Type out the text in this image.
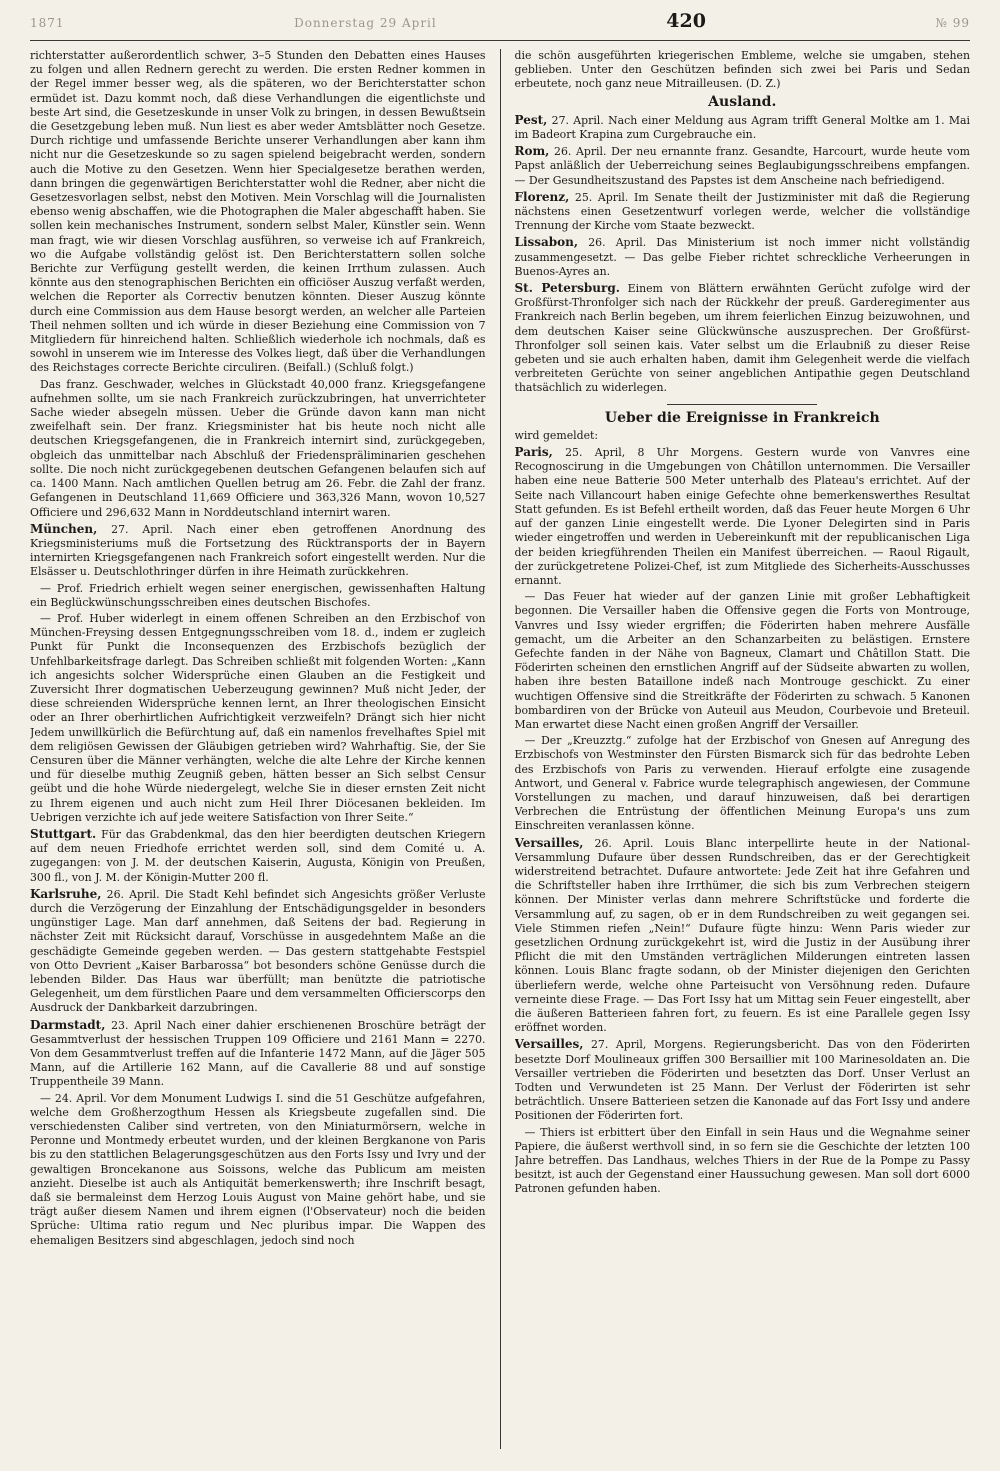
1871	Donnerstag 29 April	420	№ 99

richterstatter außerordentlich schwer, 3–5 Stunden den Debatten eines Hauses zu folgen und allen Rednern gerecht zu werden. Die ersten Redner kommen in der Regel immer besser weg, als die späteren, wo der Berichterstatter schon ermüdet ist. Dazu kommt noch, daß diese Verhandlungen die eigentlichste und beste Art sind, die Gesetzeskunde in unser Volk zu bringen, in dessen Bewußtsein die Gesetzgebung leben muß. Nun liest es aber weder Amtsblätter noch Gesetze. Durch richtige und umfassende Berichte unserer Verhandlungen aber kann ihm nicht nur die Gesetzeskunde so zu sagen spielend beigebracht werden, sondern auch die Motive zu den Gesetzen. Wenn hier Specialgesetze berathen werden, dann bringen die gegenwärtigen Berichterstatter wohl die Redner, aber nicht die Gesetzesvorlagen selbst, nebst den Motiven. Mein Vorschlag will die Journalisten ebenso wenig abschaffen, wie die Photographen die Maler abgeschafft haben. Sie sollen kein mechanisches Instrument, sondern selbst Maler, Künstler sein. Wenn man fragt, wie wir diesen Vorschlag ausführen, so verweise ich auf Frankreich, wo die Aufgabe vollständig gelöst ist. Den Berichterstattern sollen solche Berichte zur Verfügung gestellt werden, die keinen Irrthum zulassen. Auch könnte aus den stenographischen Berichten ein officiöser Auszug verfaßt werden, welchen die Reporter als Correctiv benutzen könnten. Dieser Auszug könnte durch eine Commission aus dem Hause besorgt werden, an welcher alle Parteien Theil nehmen sollten und ich würde in dieser Beziehung eine Commission von 7 Mitgliedern für hinreichend halten. Schließlich wiederhole ich nochmals, daß es sowohl in unserem wie im Interesse des Volkes liegt, daß über die Verhandlungen des Reichstages correcte Berichte circuliren. (Beifall.) (Schluß folgt.)

Das franz. Geschwader, welches in Glückstadt 40,000 franz. Kriegsgefangene aufnehmen sollte, um sie nach Frankreich zurückzubringen, hat unverrichteter Sache wieder absegeln müssen. Ueber die Gründe davon kann man nicht zweifelhaft sein. Der franz. Kriegsminister hat bis heute noch nicht alle deutschen Kriegsgefangenen, die in Frankreich internirt sind, zurückgegeben, obgleich das unmittelbar nach Abschluß der Friedenspräliminarien geschehen sollte. Die noch nicht zurückgegebenen deutschen Gefangenen belaufen sich auf ca. 1400 Mann. Nach amtlichen Quellen betrug am 26. Febr. die Zahl der franz. Gefangenen in Deutschland 11,669 Officiere und 363,326 Mann, wovon 10,527 Officiere und 296,632 Mann in Norddeutschland internirt waren.

München, 27. April. Nach einer eben getroffenen Anordnung des Kriegsministeriums muß die Fortsetzung des Rücktransports der in Bayern internirten Kriegsgefangenen nach Frankreich sofort eingestellt werden. Nur die Elsässer u. Deutschlothringer dürfen in ihre Heimath zurückkehren.

— Prof. Friedrich erhielt wegen seiner energischen, gewissenhaften Haltung ein Beglückwünschungsschreiben eines deutschen Bischofes.

— Prof. Huber widerlegt in einem offenen Schreiben an den Erzbischof von München-Freysing dessen Entgegnungsschreiben vom 18. d., indem er zugleich Punkt für Punkt die Inconsequenzen des Erzbischofs bezüglich der Unfehlbarkeitsfrage darlegt. Das Schreiben schließt mit folgenden Worten: „Kann ich angesichts solcher Widersprüche einen Glauben an die Festigkeit und Zuversicht Ihrer dogmatischen Ueberzeugung gewinnen? Muß nicht Jeder, der diese schreienden Widersprüche kennen lernt, an Ihrer theologischen Einsicht oder an Ihrer oberhirtlichen Aufrichtigkeit verzweifeln? Drängt sich hier nicht Jedem unwillkürlich die Befürchtung auf, daß ein namenlos frevelhaftes Spiel mit dem religiösen Gewissen der Gläubigen getrieben wird? Wahrhaftig. Sie, der Sie Censuren über die Männer verhängten, welche die alte Lehre der Kirche kennen und für dieselbe muthig Zeugniß geben, hätten besser an Sich selbst Censur geübt und die hohe Würde niedergelegt, welche Sie in dieser ernsten Zeit nicht zu Ihrem eigenen und auch nicht zum Heil Ihrer Diöcesanen bekleiden. Im Uebrigen verzichte ich auf jede weitere Satisfaction von Ihrer Seite.“

Stuttgart. Für das Grabdenkmal, das den hier beerdigten deutschen Kriegern auf dem neuen Friedhofe errichtet werden soll, sind dem Comité u. A. zugegangen: von J. M. der deutschen Kaiserin, Augusta, Königin von Preußen, 300 fl., von J. M. der Königin-Mutter 200 fl.

Karlsruhe, 26. April. Die Stadt Kehl befindet sich Angesichts größer Verluste durch die Verzögerung der Einzahlung der Entschädigungsgelder in besonders ungünstiger Lage. Man darf annehmen, daß Seitens der bad. Regierung in nächster Zeit mit Rücksicht darauf, Vorschüsse in ausgedehntem Maße an die geschädigte Gemeinde gegeben werden. — Das gestern stattgehabte Festspiel von Otto Devrient „Kaiser Barbarossa“ bot besonders schöne Genüsse durch die lebenden Bilder. Das Haus war überfüllt; man benützte die patriotische Gelegenheit, um dem fürstlichen Paare und dem versammelten Officierscorps den Ausdruck der Dankbarkeit darzubringen.

Darmstadt, 23. April Nach einer dahier erschienenen Broschüre beträgt der Gesammtverlust der hessischen Truppen 109 Officiere und 2161 Mann = 2270. Von dem Gesammtverlust treffen auf die Infanterie 1472 Mann, auf die Jäger 505 Mann, auf die Artillerie 162 Mann, auf die Cavallerie 88 und auf sonstige Truppentheile 39 Mann.

— 24. April. Vor dem Monument Ludwigs I. sind die 51 Geschütze aufgefahren, welche dem Großherzogthum Hessen als Kriegsbeute zugefallen sind. Die verschiedensten Caliber sind vertreten, von den Miniaturmörsern, welche in Peronne und Montmedy erbeutet wurden, und der kleinen Bergkanone von Paris bis zu den stattlichen Belagerungsgeschützen aus den Forts Issy und Ivry und der gewaltigen Broncekanone aus Soissons, welche das Publicum am meisten anzieht. Dieselbe ist auch als Antiquität bemerkenswerth; ihre Inschrift besagt, daß sie bermaleinst dem Herzog Louis August von Maine gehört habe, und sie trägt außer diesem Namen und ihrem eignen (l'Observateur) noch die beiden Sprüche: Ultima ratio regum und Nec pluribus impar. Die Wappen des ehemaligen Besitzers sind abgeschlagen, jedoch sind noch

die schön ausgeführten kriegerischen Embleme, welche sie umgaben, stehen geblieben. Unter den Geschützen befinden sich zwei bei Paris und Sedan erbeutete, noch ganz neue Mitrailleusen. (D. Z.)

Ausland.

Pest, 27. April. Nach einer Meldung aus Agram trifft General Moltke am 1. Mai im Badeort Krapina zum Curgebrauche ein.

Rom, 26. April. Der neu ernannte franz. Gesandte, Harcourt, wurde heute vom Papst anläßlich der Ueberreichung seines Beglaubigungsschreibens empfangen. — Der Gesundheitszustand des Papstes ist dem Anscheine nach befriedigend.

Florenz, 25. April. Im Senate theilt der Justizminister mit daß die Regierung nächstens einen Gesetzentwurf vorlegen werde, welcher die vollständige Trennung der Kirche vom Staate bezweckt.

Lissabon, 26. April. Das Ministerium ist noch immer nicht vollständig zusammengesetzt. — Das gelbe Fieber richtet schreckliche Verheerungen in Buenos-Ayres an.

St. Petersburg. Einem von Blättern erwähnten Gerücht zufolge wird der Großfürst-Thronfolger sich nach der Rückkehr der preuß. Garderegimenter aus Frankreich nach Berlin begeben, um ihrem feierlichen Einzug beizuwohnen, und dem deutschen Kaiser seine Glückwünsche auszusprechen. Der Großfürst-Thronfolger soll seinen kais. Vater selbst um die Erlaubniß zu dieser Reise gebeten und sie auch erhalten haben, damit ihm Gelegenheit werde die vielfach verbreiteten Gerüchte von seiner angeblichen Antipathie gegen Deutschland thatsächlich zu widerlegen.

Ueber die Ereignisse in Frankreich

wird gemeldet:

Paris, 25. April, 8 Uhr Morgens. Gestern wurde von Vanvres eine Recognoscirung in die Umgebungen von Châtillon unternommen. Die Versailler haben eine neue Batterie 500 Meter unterhalb des Plateau's errichtet. Auf der Seite nach Villancourt haben einige Gefechte ohne bemerkenswerthes Resultat Statt gefunden. Es ist Befehl ertheilt worden, daß das Feuer heute Morgen 6 Uhr auf der ganzen Linie eingestellt werde. Die Lyoner Delegirten sind in Paris wieder eingetroffen und werden in Uebereinkunft mit der republicanischen Liga der beiden kriegführenden Theilen ein Manifest überreichen. — Raoul Rigault, der zurückgetretene Polizei-Chef, ist zum Mitgliede des Sicherheits-Ausschusses ernannt.

— Das Feuer hat wieder auf der ganzen Linie mit großer Lebhaftigkeit begonnen. Die Versailler haben die Offensive gegen die Forts von Montrouge, Vanvres und Issy wieder ergriffen; die Föderirten haben mehrere Ausfälle gemacht, um die Arbeiter an den Schanzarbeiten zu belästigen. Ernstere Gefechte fanden in der Nähe von Bagneux, Clamart und Châtillon Statt. Die Föderirten scheinen den ernstlichen Angriff auf der Südseite abwarten zu wollen, haben ihre besten Bataillone indeß nach Montrouge geschickt. Zu einer wuchtigen Offensive sind die Streitkräfte der Föderirten zu schwach. 5 Kanonen bombardiren von der Brücke von Auteuil aus Meudon, Courbevoie und Breteuil. Man erwartet diese Nacht einen großen Angriff der Versailler.

— Der „Kreuzztg.“ zufolge hat der Erzbischof von Gnesen auf Anregung des Erzbischofs von Westminster den Fürsten Bismarck sich für das bedrohte Leben des Erzbischofs von Paris zu verwenden. Hierauf erfolgte eine zusagende Antwort, und General v. Fabrice wurde telegraphisch angewiesen, der Commune Vorstellungen zu machen, und darauf hinzuweisen, daß bei derartigen Verbrechen die Entrüstung der öffentlichen Meinung Europa's uns zum Einschreiten veranlassen könne.

Versailles, 26. April. Louis Blanc interpellirte heute in der National-Versammlung Dufaure über dessen Rundschreiben, das er der Gerechtigkeit widerstreitend betrachtet. Dufaure antwortete: Jede Zeit hat ihre Gefahren und die Schriftsteller haben ihre Irrthümer, die sich bis zum Verbrechen steigern können. Der Minister verlas dann mehrere Schriftstücke und forderte die Versammlung auf, zu sagen, ob er in dem Rundschreiben zu weit gegangen sei. Viele Stimmen riefen „Nein!“ Dufaure fügte hinzu: Wenn Paris wieder zur gesetzlichen Ordnung zurückgekehrt ist, wird die Justiz in der Ausübung ihrer Pflicht die mit den Umständen verträglichen Milderungen eintreten lassen können. Louis Blanc fragte sodann, ob der Minister diejenigen den Gerichten überliefern werde, welche ohne Parteisucht von Versöhnung reden. Dufaure verneinte diese Frage. — Das Fort Issy hat um Mittag sein Feuer eingestellt, aber die äußeren Batterieen fahren fort, zu feuern. Es ist eine Parallele gegen Issy eröffnet worden.

Versailles, 27. April, Morgens. Regierungsbericht. Das von den Föderirten besetzte Dorf Moulineaux griffen 300 Bersaillier mit 100 Marinesoldaten an. Die Versailler vertrieben die Föderirten und besetzten das Dorf. Unser Verlust an Todten und Verwundeten ist 25 Mann. Der Verlust der Föderirten ist sehr beträchtlich. Unsere Batterieen setzen die Kanonade auf das Fort Issy und andere Positionen der Föderirten fort.

— Thiers ist erbittert über den Einfall in sein Haus und die Wegnahme seiner Papiere, die äußerst werthvoll sind, in so fern sie die Geschichte der letzten 100 Jahre betreffen. Das Landhaus, welches Thiers in der Rue de la Pompe zu Passy besitzt, ist auch der Gegenstand einer Haussuchung gewesen. Man soll dort 6000 Patronen gefunden haben.
